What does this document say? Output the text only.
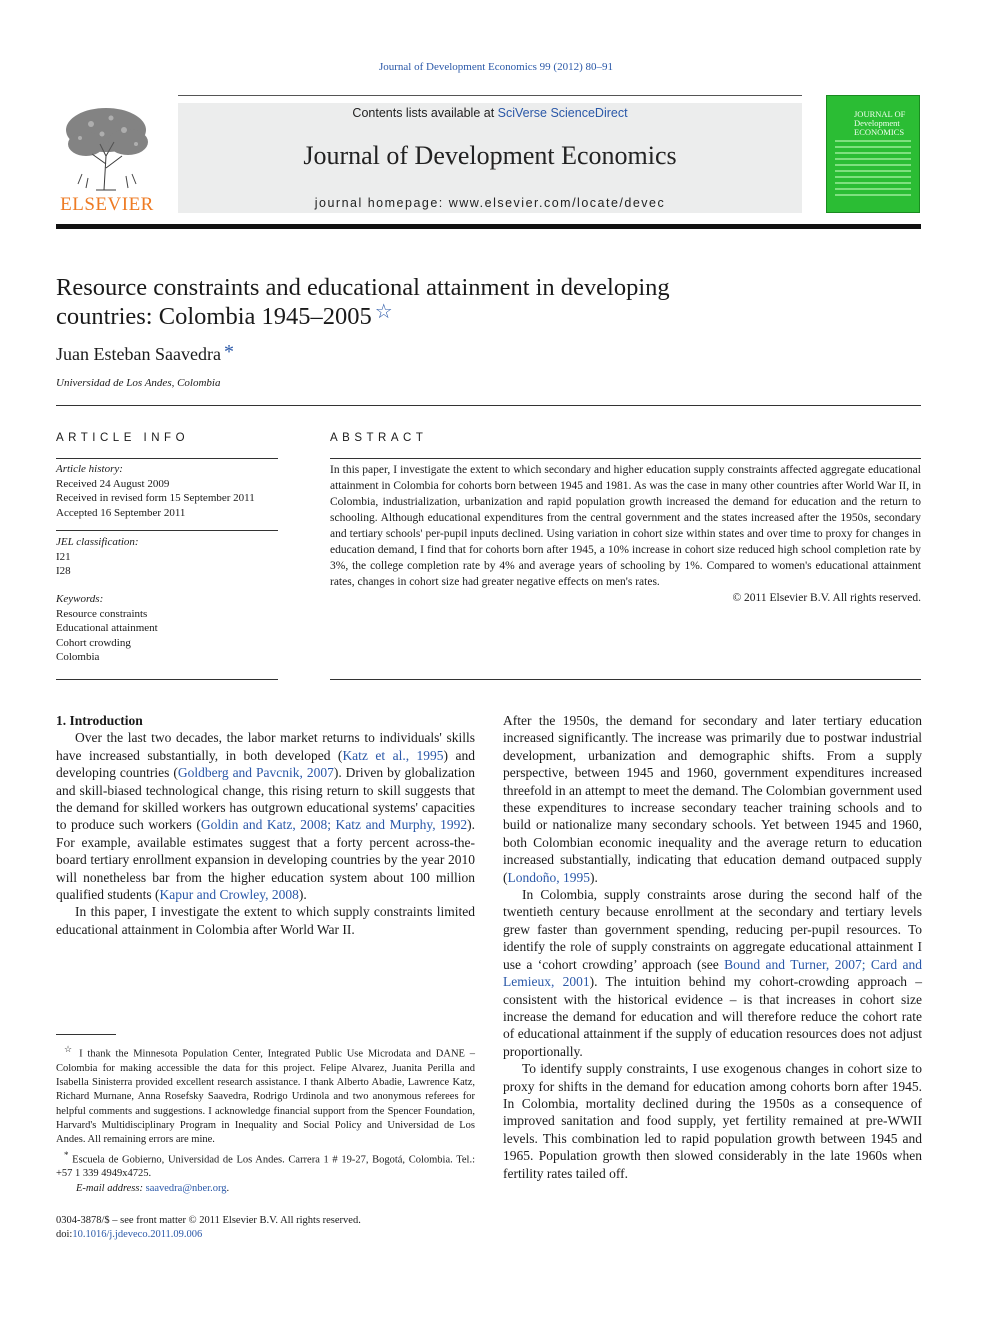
Journal of Development Economics 99 (2012) 80–91
ELSEVIER
Contents lists available at SciVerse ScienceDirect
Journal of Development Economics
journal homepage: www.elsevier.com/locate/devec
JOURNAL OF
Development
ECONOMICS
Resource constraints and educational attainment in developing
countries: Colombia 1945–2005 ☆
Juan Esteban Saavedra *
Universidad de Los Andes, Colombia
ARTICLE INFO
Article history:
Received 24 August 2009
Received in revised form 15 September 2011
Accepted 16 September 2011
JEL classification:
I21
I28
Keywords:
Resource constraints
Educational attainment
Cohort crowding
Colombia
ABSTRACT
In this paper, I investigate the extent to which secondary and higher education supply constraints affected aggregate educational attainment in Colombia for cohorts born between 1945 and 1981. As was the case in many other countries after World War II, in Colombia, industrialization, urbanization and rapid population growth increased the demand for education and the return to schooling. Although educational expenditures from the central government and the states increased after the 1950s, secondary and tertiary schools' per-pupil inputs declined. Using variation in cohort size within states and over time to proxy for changes in education demand, I find that for cohorts born after 1945, a 10% increase in cohort size reduced high school completion rate by 3%, the college completion rate by 4% and average years of schooling by 1%. Compared to women's educational attainment rates, changes in cohort size had greater negative effects on men's rates.
© 2011 Elsevier B.V. All rights reserved.

1. Introduction

Over the last two decades, the labor market returns to individuals' skills have increased substantially, in both developed (Katz et al., 1995) and developing countries (Goldberg and Pavcnik, 2007). Driven by globalization and skill-biased technological change, this rising return to skill suggests that the demand for skilled workers has outgrown educational systems' capacities to produce such workers (Goldin and Katz, 2008; Katz and Murphy, 1992). For example, available estimates suggest that a forty percent across-the-board tertiary enrollment expansion in developing countries by the year 2010 will nonetheless bar from the higher education system about 100 million qualified students (Kapur and Crowley, 2008).

In this paper, I investigate the extent to which supply constraints limited educational attainment in Colombia after World War II.

After the 1950s, the demand for secondary and later tertiary education increased significantly. The increase was primarily due to postwar industrial development, urbanization and demographic shifts. From a supply perspective, between 1945 and 1960, government expenditures increased threefold in an attempt to meet the demand. The Colombian government used these expenditures to increase secondary teacher training schools and to build or nationalize many secondary schools. Yet between 1945 and 1960, both Colombian economic inequality and the average return to education increased substantially, indicating that education demand outpaced supply (Londoño, 1995).

In Colombia, supply constraints arose during the second half of the twentieth century because enrollment at the secondary and tertiary levels grew faster than government spending, reducing per-pupil resources. To identify the role of supply constraints on aggregate educational attainment I use a ‘cohort crowding’ approach (see Bound and Turner, 2007; Card and Lemieux, 2001). The intuition behind my cohort-crowding approach – consistent with the historical evidence – is that increases in cohort size increase the demand for education and will therefore reduce the cohort rate of educational attainment if the supply of education resources does not adjust proportionally.

To identify supply constraints, I use exogenous changes in cohort size to proxy for shifts in the demand for education among cohorts born after 1945. In Colombia, mortality declined during the 1950s as a consequence of improved sanitation and food supply, yet fertility remained at pre-WWII levels. This combination led to rapid population growth between 1945 and 1965. Population growth then slowed considerably in the late 1960s when fertility rates tailed off.

☆ I thank the Minnesota Population Center, Integrated Public Use Microdata and DANE – Colombia for making accessible the data for this project. Felipe Alvarez, Juanita Perilla and Isabella Sinisterra provided excellent research assistance. I thank Alberto Abadie, Lawrence Katz, Richard Murnane, Anna Rosefsky Saavedra, Rodrigo Urdinola and two anonymous referees for helpful comments and suggestions. I acknowledge financial support from the Spencer Foundation, Harvard's Multidisciplinary Program in Inequality and Social Policy and Universidad de Los Andes. All remaining errors are mine.

* Escuela de Gobierno, Universidad de Los Andes. Carrera 1 # 19-27, Bogotá, Colombia. Tel.: +57 1 339 4949x4725.

E-mail address: saavedra@nber.org.

0304-3878/$ – see front matter © 2011 Elsevier B.V. All rights reserved.
doi:10.1016/j.jdeveco.2011.09.006
